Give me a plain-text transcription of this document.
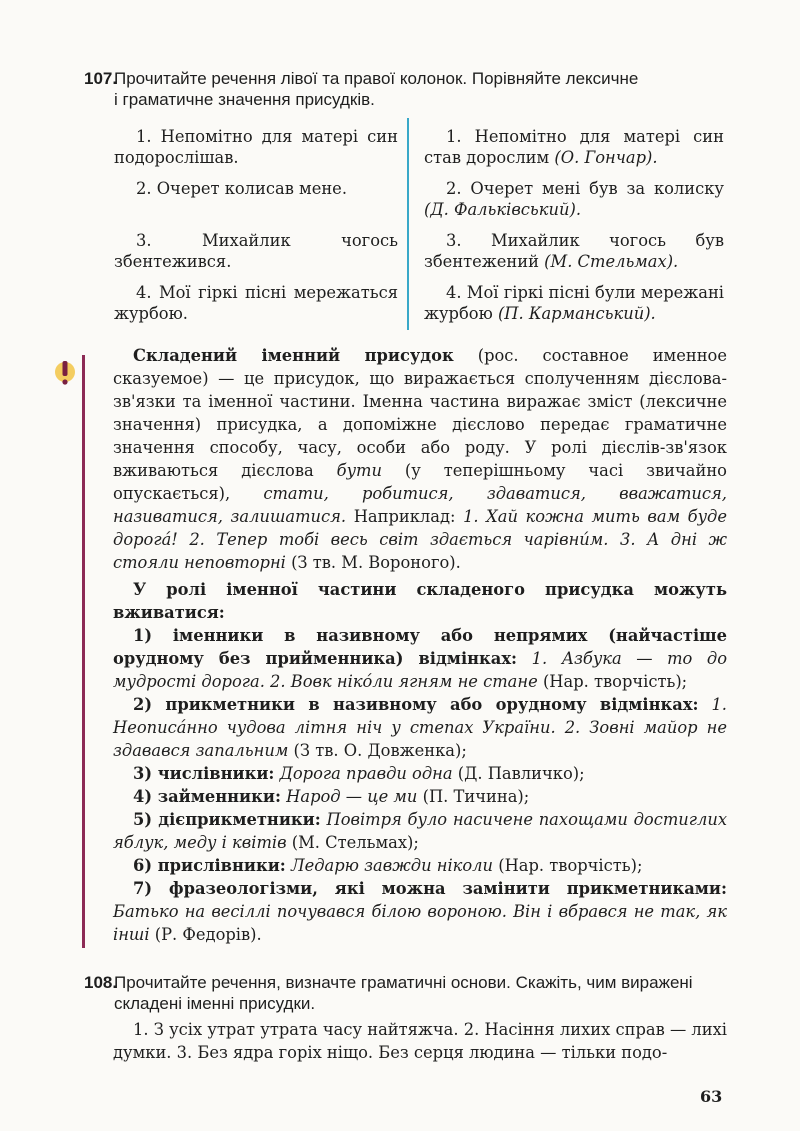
107.

Прочитайте речення лівої та правої колонок. Порівняйте лексичне

і граматичне значення присудків.

1. Непомітно для матері син подорослішав.

2. Очерет колисав мене.

3. Михайлик чогось збентежився.

4. Мої гіркі пісні мережаться журбою.

1. Непомітно для матері син став дорослим (О. Гончар).

2. Очерет мені був за колиску (Д. Фальківський).

3. Михайлик чогось був збентежений (М. Стельмах).

4. Мої гіркі пісні були мережані журбою (П. Карманський).

Складений іменний присудок (рос. составное именное сказуемое) — це присудок, що виражається сполученням дієслова-зв'язки та іменної частини. Іменна частина виражає зміст (лексичне значення) присудка, а допоміжне дієслово передає граматичне значення способу, часу, особи або роду. У ролі дієслів-зв'язок вживаються дієслова бути (у теперішньому часі звичайно опускається), стати, робитися, здаватися, вважатися, називатися, залишатися. Наприклад: 1. Хай кожна мить вам буде дорогá! 2. Тепер тобі весь світ здається чарівни́м. 3. А дні ж стояли неповторні (З тв. М. Вороного).

У ролі іменної частини складеного присудка можуть вживатися:

1) іменники в називному або непрямих (найчастіше орудному без прийменника) відмінках: 1. Азбука — то до мудрості дорога. 2. Вовк нікóли ягням не стане (Нар. творчість);

2) прикметники в називному або орудному відмінках: 1. Неописáнно чудова літня ніч у степах України. 2. Зовні майор не здавався запальним (З тв. О. Довженка);

3) числівники: Дорога правди одна (Д. Павличко);

4) займенники: Народ — це ми (П. Тичина);

5) дієприкметники: Повітря було насичене пахощами достиглих яблук, меду і квітів (М. Стельмах);

6) прислівники: Ледарю завжди ніколи (Нар. творчість);

7) фразеологізми, які можна замінити прикметниками: Батько на весіллі почувався білою вороною. Він і вбрався не так, як інші (Р. Федорів).

108.

Прочитайте речення, визначте граматичні основи. Скажіть, чим виражені

складені іменні присудки.

1. З усіх утрат утрата часу найтяжча. 2. Насіння лихих справ — лихі думки. 3. Без ядра горіх ніщо. Без серця людина — тільки подо-

63
